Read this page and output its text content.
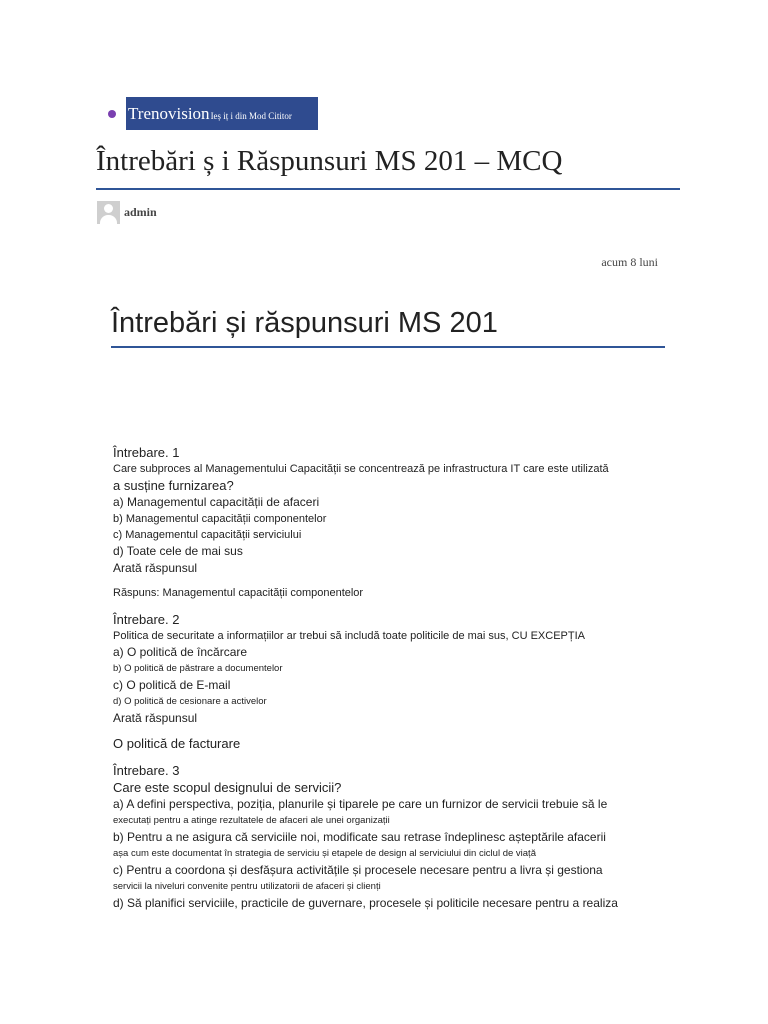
Trenovision Ieș iț i din Mod Cititor
Întrebări ș i Răspunsuri MS 201 – MCQ
admin
acum 8 luni
Întrebări și răspunsuri MS 201
Întrebare. 1
Care subproces al Managementului Capacității se concentrează pe infrastructura IT care este utilizată
a susține furnizarea?
a) Managementul capacității de afaceri
b) Managementul capacității componentelor
c) Managementul capacității serviciului
d) Toate cele de mai sus
Arată răspunsul
Răspuns: Managementul capacității componentelor
Întrebare. 2
Politica de securitate a informațiilor ar trebui să includă toate politicile de mai sus, CU EXCEPȚIA
a) O politică de încărcare
b) O politică de păstrare a documentelor
c) O politică de E-mail
d) O politică de cesionare a activelor
Arată răspunsul
O politică de facturare
Întrebare. 3
Care este scopul designului de servicii?
a) A defini perspectiva, poziția, planurile și tiparele pe care un furnizor de servicii trebuie să le
executați pentru a atinge rezultatele de afaceri ale unei organizații
b) Pentru a ne asigura că serviciile noi, modificate sau retrase îndeplinesc așteptările afacerii
așa cum este documentat în strategia de serviciu și etapele de design al serviciului din ciclul de viață
c) Pentru a coordona și desfășura activitățile și procesele necesare pentru a livra și gestiona
servicii la niveluri convenite pentru utilizatorii de afaceri și clienți
d) Să planifici serviciile, practicile de guvernare, procesele și politicile necesare pentru a realiza
